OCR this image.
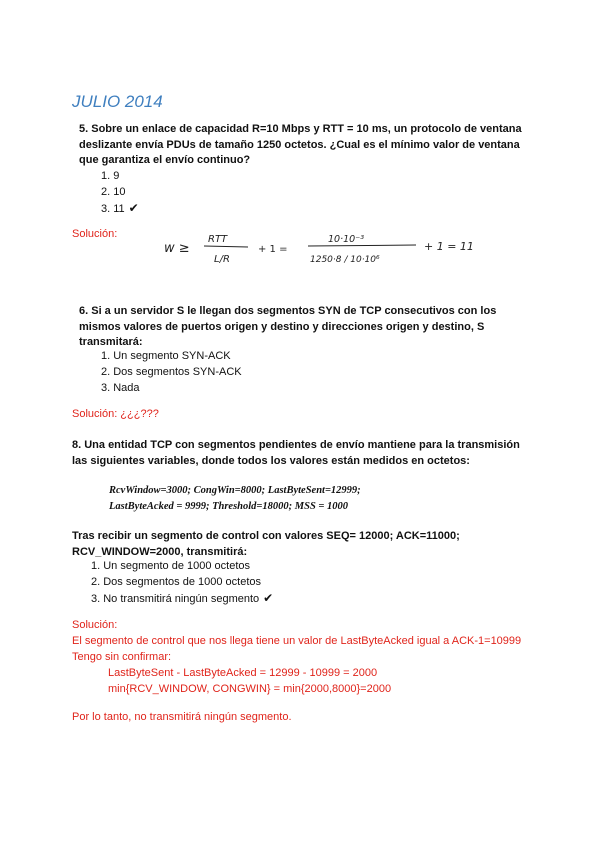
JULIO 2014
5. Sobre un enlace de capacidad R=10 Mbps y RTT = 10 ms, un protocolo de ventana
deslizante envía PDUs de tamaño 1250 octetos. ¿Cual es el mínimo valor de ventana
que garantiza el envío continuo?
1. 9
2. 10
3. 11 ✔
Solución:
w ≥
RTT
L/R
+ 1 =
10·10⁻³
1250·8 / 10·10⁶
+ 1 = 11
6. Si a un servidor S le llegan dos segmentos SYN de TCP consecutivos con los
mismos valores de puertos origen y destino y direcciones origen y destino, S
transmitará:
1. Un segmento SYN-ACK
2. Dos segmentos SYN-ACK
3. Nada
Solución: ¿¿¿???
8. Una entidad TCP con segmentos pendientes de envío mantiene para la transmisión
las siguientes variables, donde todos los valores están medidos en octetos:
RcvWindow=3000; CongWin=8000; LastByteSent=12999;
LastByteAcked = 9999; Threshold=18000; MSS = 1000
Tras recibir un segmento de control con valores SEQ= 12000; ACK=11000;
RCV_WINDOW=2000, transmitirá:
1. Un segmento de 1000 octetos
2. Dos segmentos de 1000 octetos
3. No transmitirá ningún segmento ✔
Solución:
El segmento de control que nos llega tiene un valor de LastByteAcked igual a ACK-1=10999
Tengo sin confirmar:
LastByteSent - LastByteAcked = 12999 - 10999 = 2000
min{RCV_WINDOW, CONGWIN} = min{2000,8000}=2000
Por lo tanto, no transmitirá ningún segmento.
